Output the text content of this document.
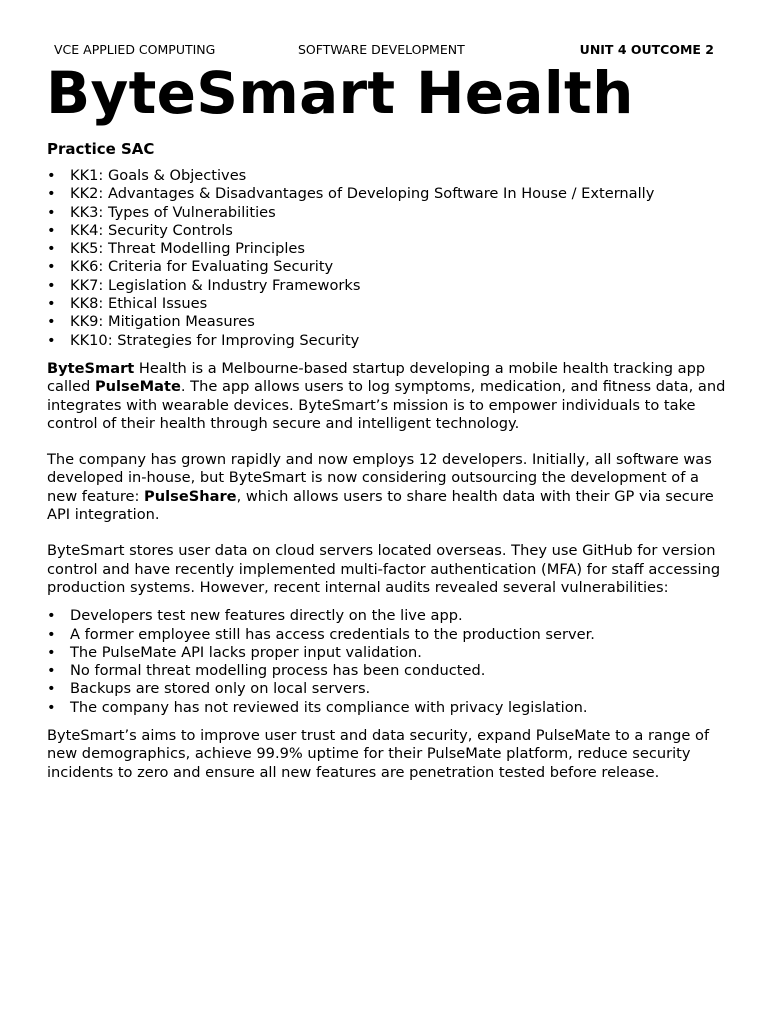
VCE APPLIED COMPUTING	SOFTWARE DEVELOPMENT	UNIT 4 OUTCOME 2
ByteSmart Health
Practice SAC
• KK1: Goals & Objectives
• KK2: Advantages & Disadvantages of Developing Software In House / Externally
• KK3: Types of Vulnerabilities
• KK4: Security Controls
• KK5: Threat Modelling Principles
• KK6: Criteria for Evaluating Security
• KK7: Legislation & Industry Frameworks
• KK8: Ethical Issues
• KK9: Mitigation Measures
• KK10: Strategies for Improving Security

ByteSmart Health is a Melbourne-based startup developing a mobile health tracking app called PulseMate. The app allows users to log symptoms, medication, and fitness data, and integrates with wearable devices. ByteSmart’s mission is to empower individuals to take control of their health through secure and intelligent technology.

The company has grown rapidly and now employs 12 developers. Initially, all software was developed in-house, but ByteSmart is now considering outsourcing the development of a new feature: PulseShare, which allows users to share health data with their GP via secure API integration.

ByteSmart stores user data on cloud servers located overseas. They use GitHub for version control and have recently implemented multi-factor authentication (MFA) for staff accessing production systems. However, recent internal audits revealed several vulnerabilities:

• Developers test new features directly on the live app.
• A former employee still has access credentials to the production server.
• The PulseMate API lacks proper input validation.
• No formal threat modelling process has been conducted.
• Backups are stored only on local servers.
• The company has not reviewed its compliance with privacy legislation.

ByteSmart’s aims to improve user trust and data security, expand PulseMate to a range of new demographics, achieve 99.9% uptime for their PulseMate platform, reduce security incidents to zero and ensure all new features are penetration tested before release.
